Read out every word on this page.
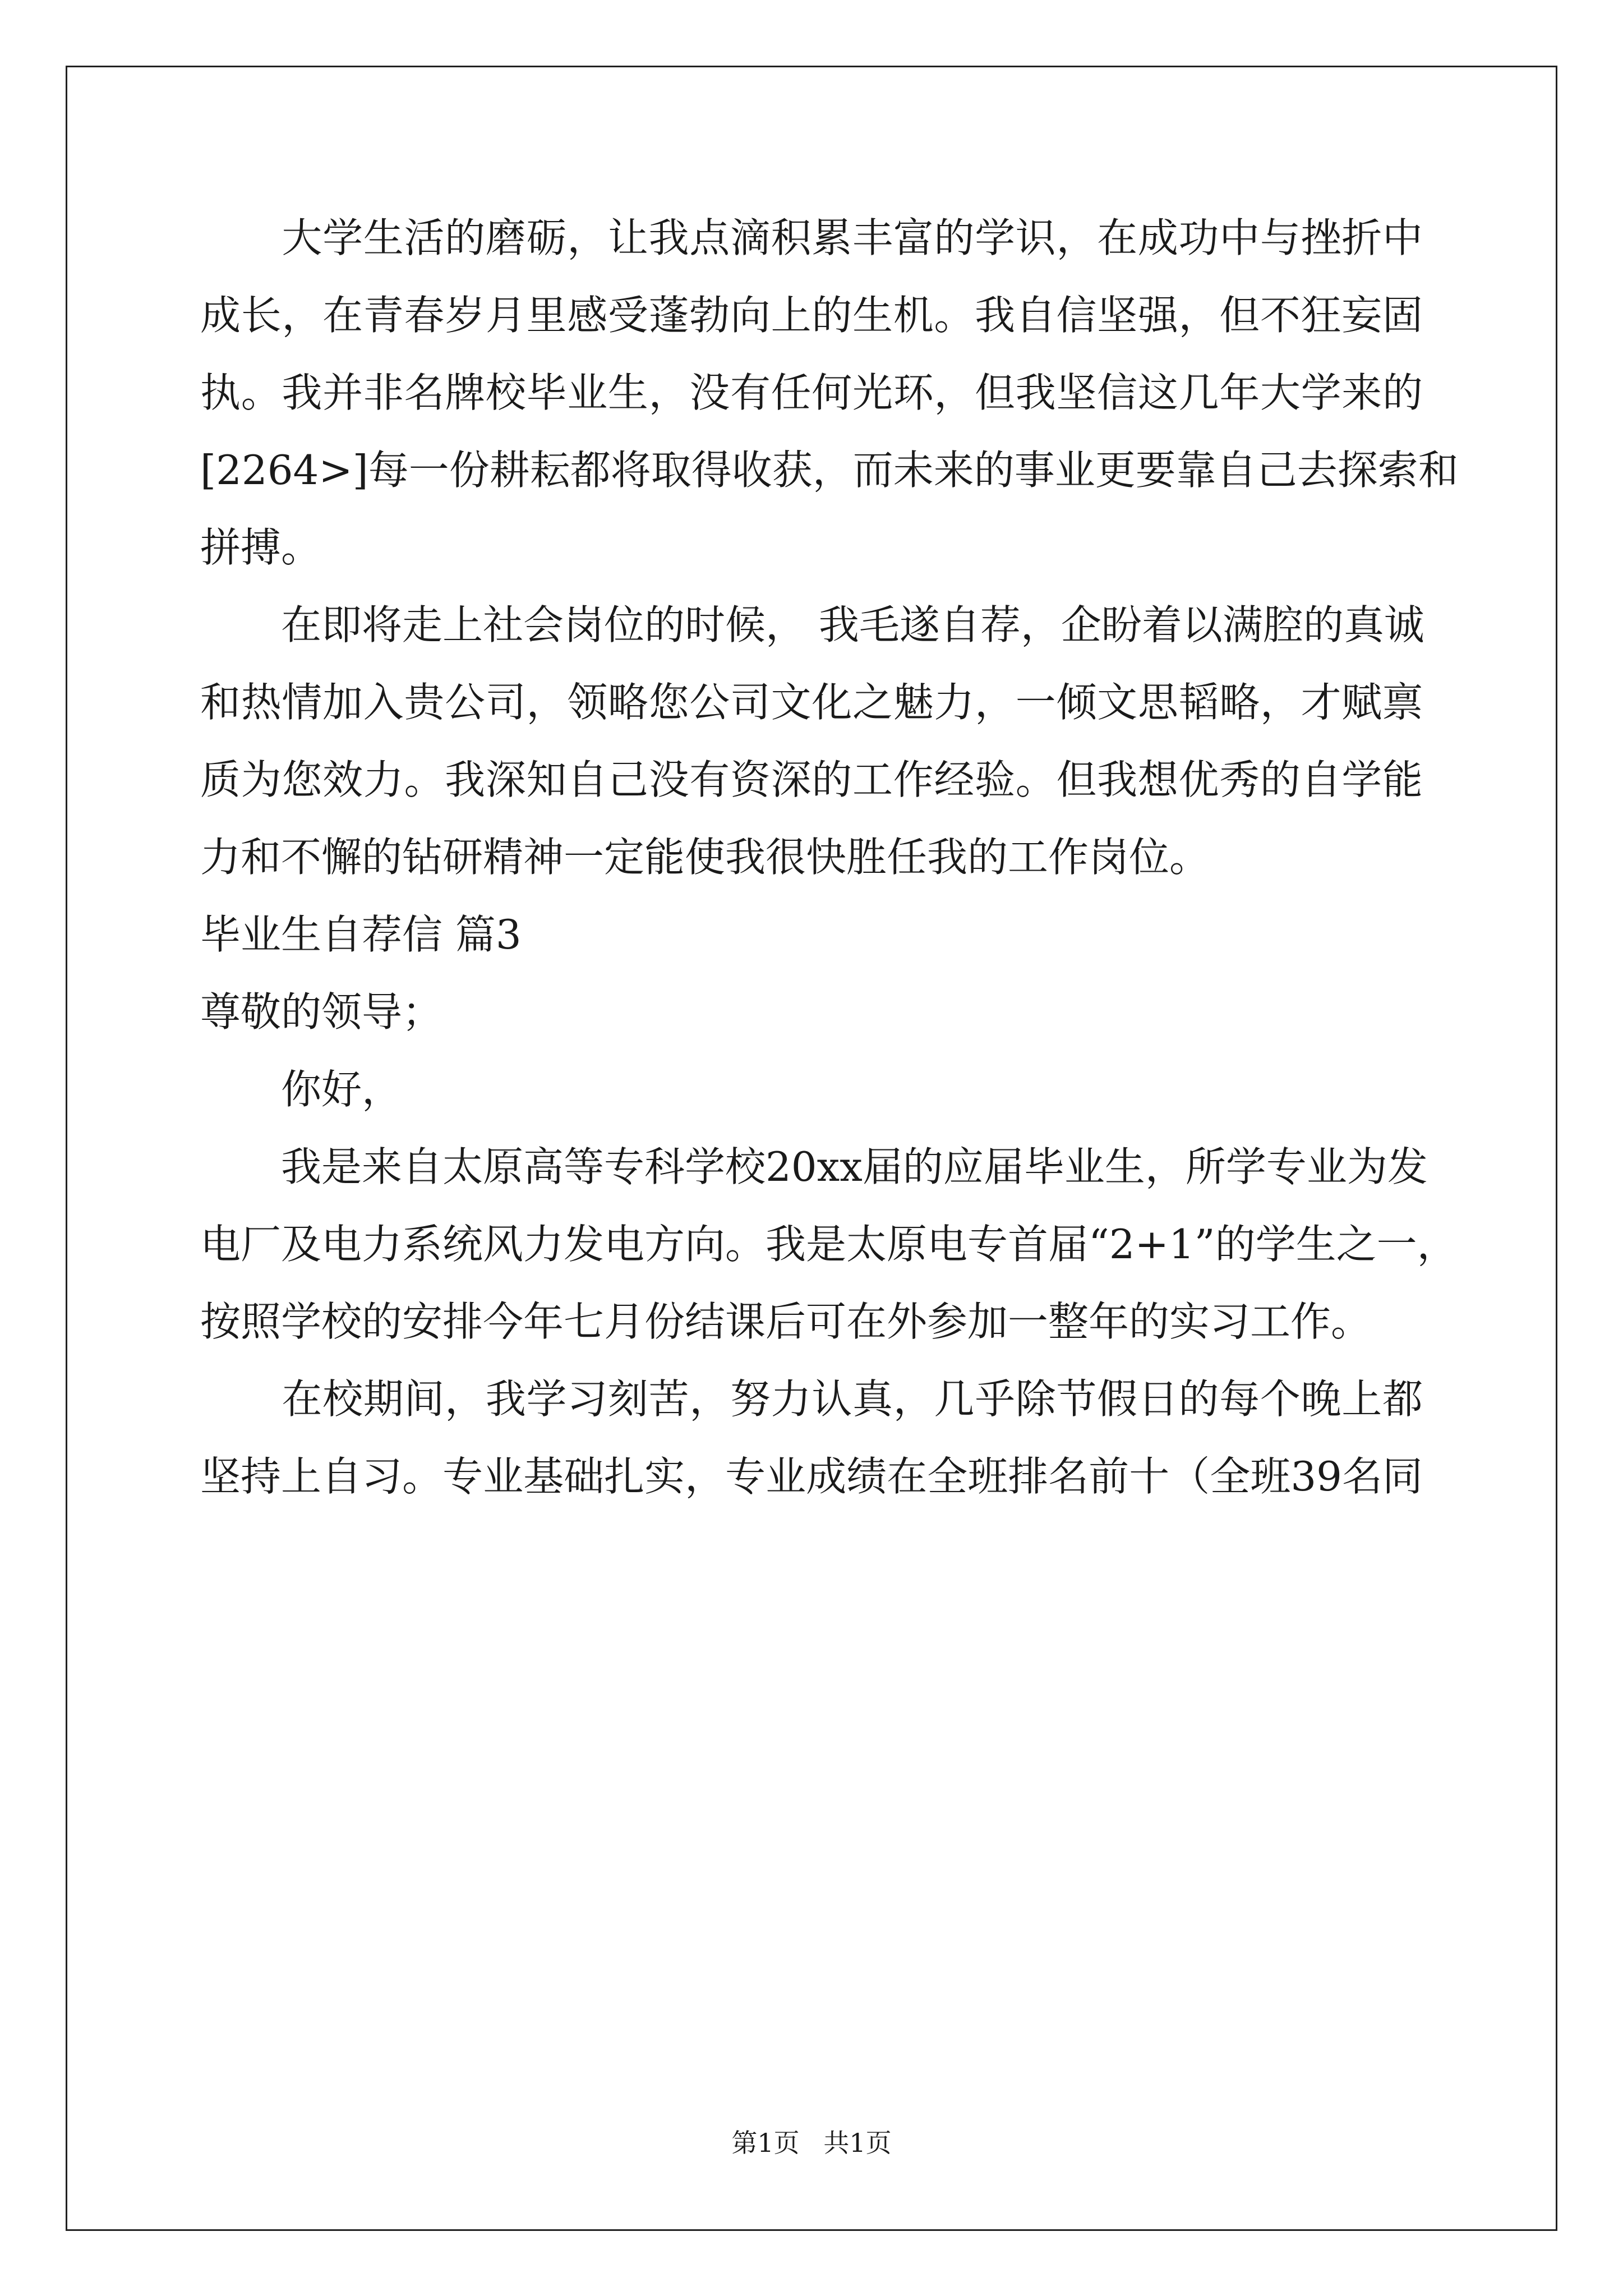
　　大学生活的磨砺，让我点滴积累丰富的学识，在成功中与挫折中
成长，在青春岁月里感受蓬勃向上的生机。我自信坚强，但不狂妄固
执。我并非名牌校毕业生，没有任何光环，但我坚信这几年大学来的
[2264>]每一份耕耘都将取得收获，而未来的事业更要靠自己去探索和
拼搏。
　　在即将走上社会岗位的时候， 我毛遂自荐，企盼着以满腔的真诚
和热情加入贵公司，领略您公司文化之魅力，一倾文思韬略，才赋禀
质为您效力。我深知自己没有资深的工作经验。但我想优秀的自学能
力和不懈的钻研精神一定能使我很快胜任我的工作岗位。
毕业生自荐信 篇3
尊敬的领导；
　　你好，
　　我是来自太原高等专科学校20xx届的应届毕业生，所学专业为发
电厂及电力系统风力发电方向。我是太原电专首届“2+1”的学生之一，
按照学校的安排今年七月份结课后可在外参加一整年的实习工作。
　　在校期间，我学习刻苦，努力认真，几乎除节假日的每个晚上都
坚持上自习。专业基础扎实，专业成绩在全班排名前十（全班39名同
第1页 共1页
